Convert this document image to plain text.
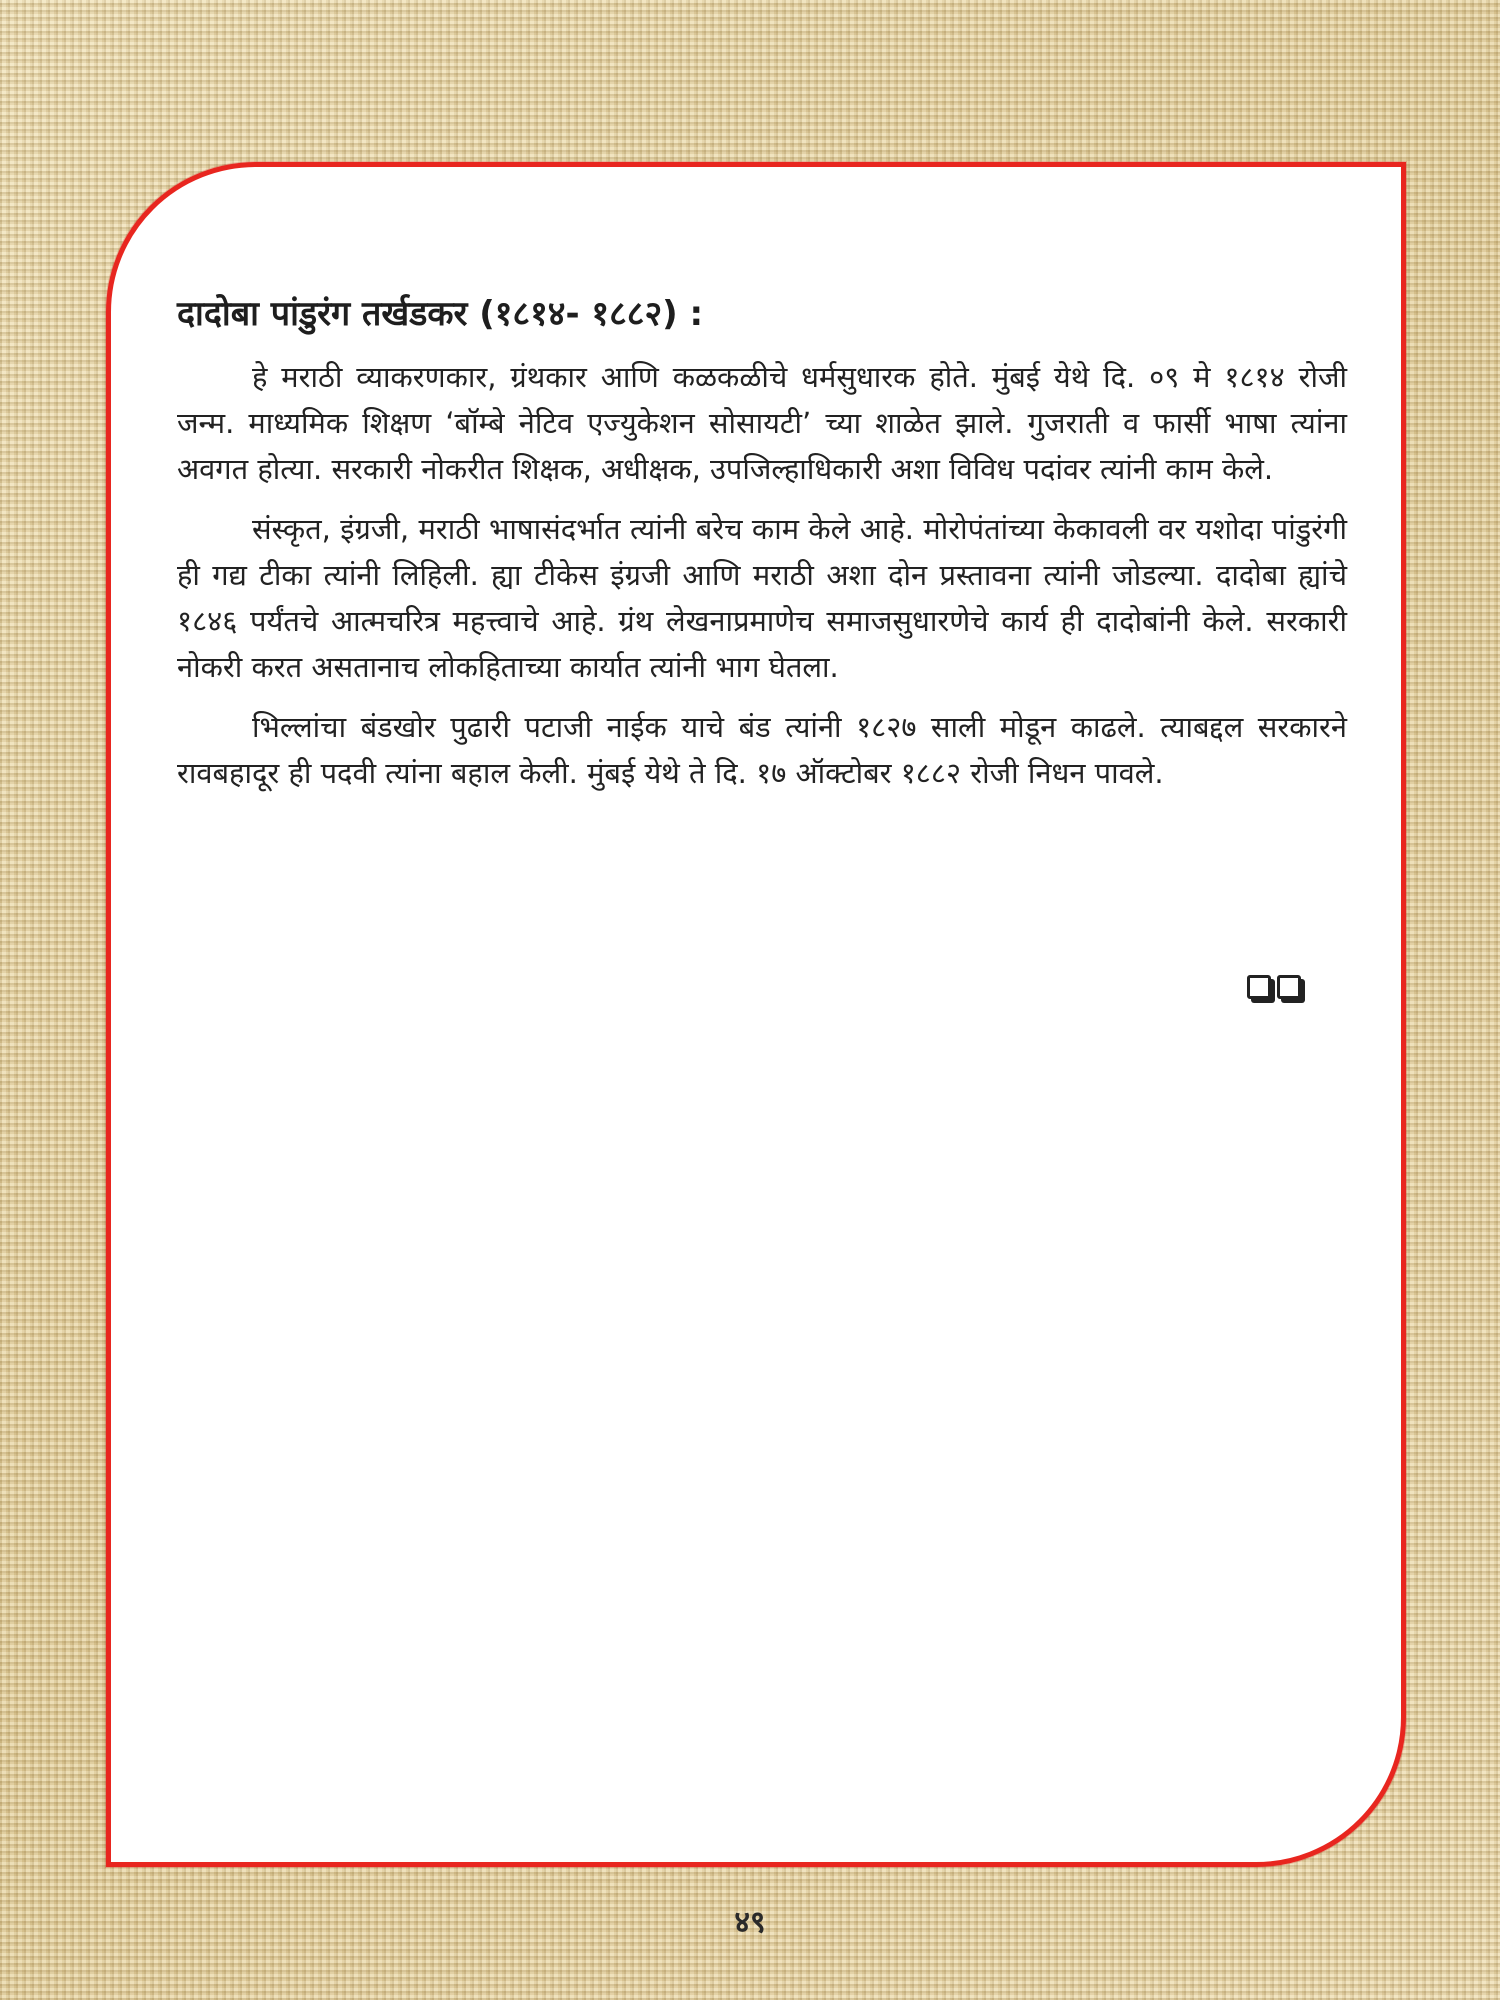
दादोबा पांडुरंग तर्खडकर (१८१४- १८८२) :

हे मराठी व्याकरणकार, ग्रंथकार आणि कळकळीचे धर्मसुधारक होते. मुंबई येथे दि. ०९ मे १८१४ रोजी जन्म. माध्यमिक शिक्षण ‘बॉम्बे नेटिव एज्युकेशन सोसायटी’ च्या शाळेत झाले. गुजराती व फार्सी भाषा त्यांना अवगत होत्या. सरकारी नोकरीत शिक्षक, अधीक्षक, उपजिल्हाधिकारी अशा विविध पदांवर त्यांनी काम केले.

संस्कृत, इंग्रजी, मराठी भाषासंदर्भात त्यांनी बरेच काम केले आहे. मोरोपंतांच्या केकावली वर यशोदा पांडुरंगी ही गद्य टीका त्यांनी लिहिली. ह्या टीकेस इंग्रजी आणि मराठी अशा दोन प्रस्तावना त्यांनी जोडल्या. दादोबा ह्यांचे १८४६ पर्यंतचे आत्मचरित्र महत्त्वाचे आहे. ग्रंथ लेखनाप्रमाणेच समाजसुधारणेचे कार्य ही दादोबांनी केले. सरकारी नोकरी करत असतानाच लोकहिताच्या कार्यात त्यांनी भाग घेतला.

भिल्लांचा बंडखोर पुढारी पटाजी नाईक याचे बंड त्यांनी १८२७ साली मोडून काढले. त्याबद्दल सरकारने रावबहादूर ही पदवी त्यांना बहाल केली. मुंबई येथे ते दि. १७ ऑक्टोबर १८८२ रोजी निधन पावले.

४९
